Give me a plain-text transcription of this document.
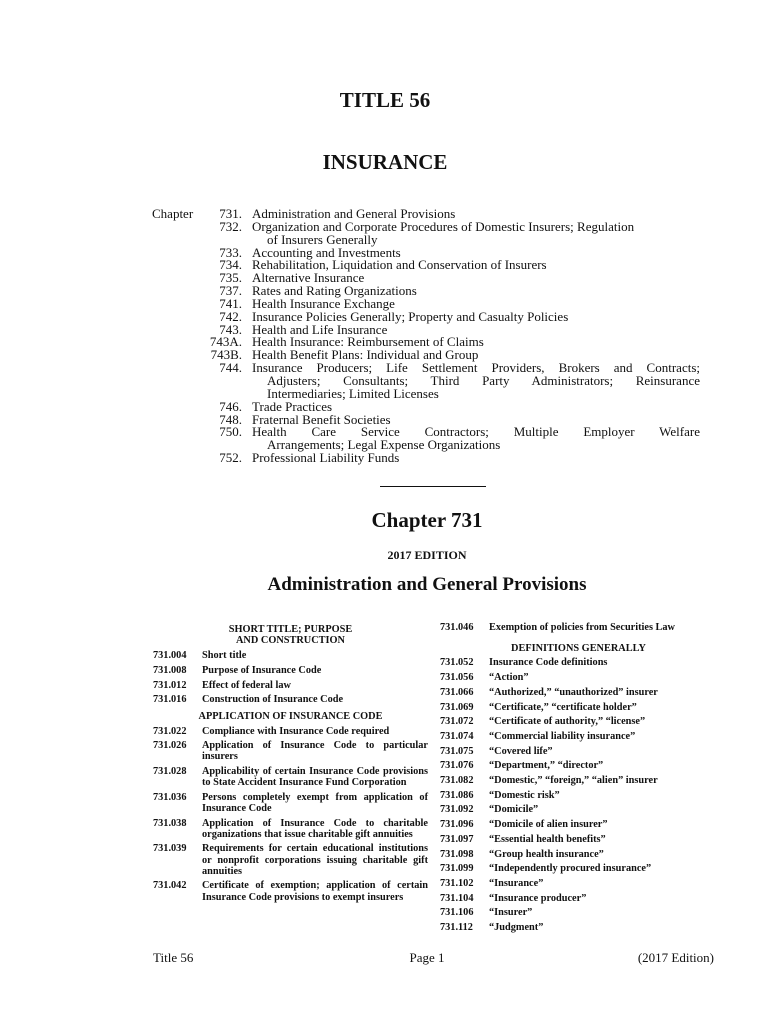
TITLE 56
INSURANCE
Chapter	731. Administration and General Provisions
732. Organization and Corporate Procedures of Domestic Insurers; Regulation
of Insurers Generally
733. Accounting and Investments
734. Rehabilitation, Liquidation and Conservation of Insurers
735. Alternative Insurance
737. Rates and Rating Organizations
741. Health Insurance Exchange
742. Insurance Policies Generally; Property and Casualty Policies
743. Health and Life Insurance
743A. Health Insurance: Reimbursement of Claims
743B. Health Benefit Plans: Individual and Group
744. Insurance Producers; Life Settlement Providers, Brokers and Contracts;
Adjusters; Consultants; Third Party Administrators; Reinsurance
Intermediaries; Limited Licenses
746. Trade Practices
748. Fraternal Benefit Societies
750. Health Care Service Contractors; Multiple Employer Welfare
Arrangements; Legal Expense Organizations
752. Professional Liability Funds
Chapter 731
2017 EDITION
Administration and General Provisions
SHORT TITLE; PURPOSE
AND CONSTRUCTION
731.004	Short title
731.008	Purpose of Insurance Code
731.012	Effect of federal law
731.016	Construction of Insurance Code
APPLICATION OF INSURANCE CODE
731.022	Compliance with Insurance Code required
731.026	Application of Insurance Code to particular insurers
731.028	Applicability of certain Insurance Code provisions to State Accident Insurance Fund Corporation
731.036	Persons completely exempt from application of Insurance Code
731.038	Application of Insurance Code to charitable organizations that issue charitable gift annuities
731.039	Requirements for certain educational institutions or nonprofit corporations issuing charitable gift annuities
731.042	Certificate of exemption; application of certain Insurance Code provisions to exempt insurers
731.046	Exemption of policies from Securities Law
DEFINITIONS GENERALLY
731.052	Insurance Code definitions
731.056	“Action”
731.066	“Authorized,” “unauthorized” insurer
731.069	“Certificate,” “certificate holder”
731.072	“Certificate of authority,” “license”
731.074	“Commercial liability insurance”
731.075	“Covered life”
731.076	“Department,” “director”
731.082	“Domestic,” “foreign,” “alien” insurer
731.086	“Domestic risk”
731.092	“Domicile”
731.096	“Domicile of alien insurer”
731.097	“Essential health benefits”
731.098	“Group health insurance”
731.099	“Independently procured insurance”
731.102	“Insurance”
731.104	“Insurance producer”
731.106	“Insurer”
731.112	“Judgment”
Title 56	Page 1	(2017 Edition)
